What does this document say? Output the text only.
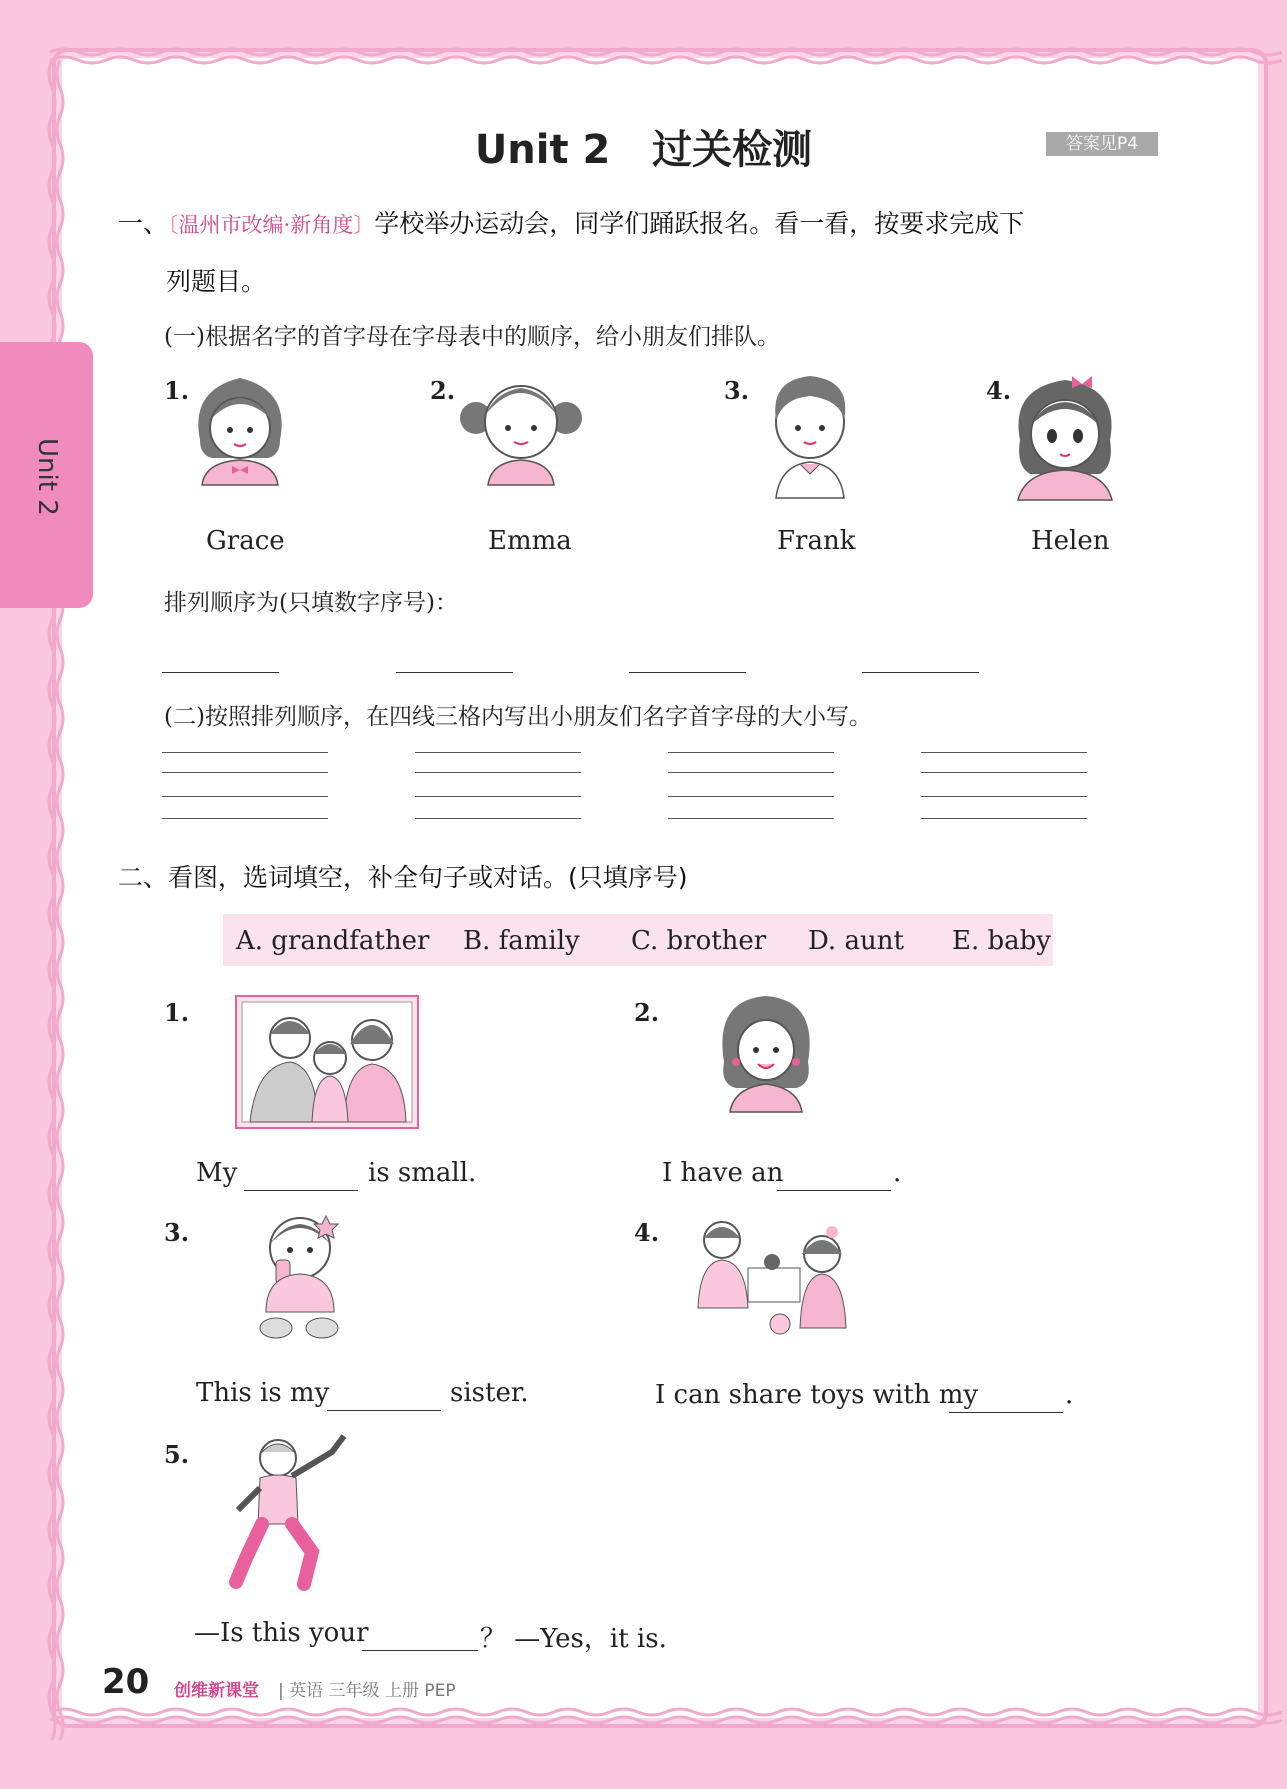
Unit 2
Unit 2   过关检测	答案见P4
一、〔温州市改编·新角度〕学校举办运动会，同学们踊跃报名。看一看，按要求完成下
列题目。
(一)根据名字的首字母在字母表中的顺序，给小朋友们排队。
1.	2.	3.	4.
Grace	Emma	Frank	Helen
排列顺序为(只填数字序号)：
(二)按照排列顺序，在四线三格内写出小朋友们名字首字母的大小写。
二、看图，选词填空，补全句子或对话。(只填序号)
A. grandfather B. family C. brother D. aunt E. baby
1.
My	is small.
2.
I have an	.
3.
This is my	sister.
4.
I can share toys with my	.
5.
—Is this your	？ —Yes，it is.
20 创维新课堂 | 英语 三年级 上册 PEP
